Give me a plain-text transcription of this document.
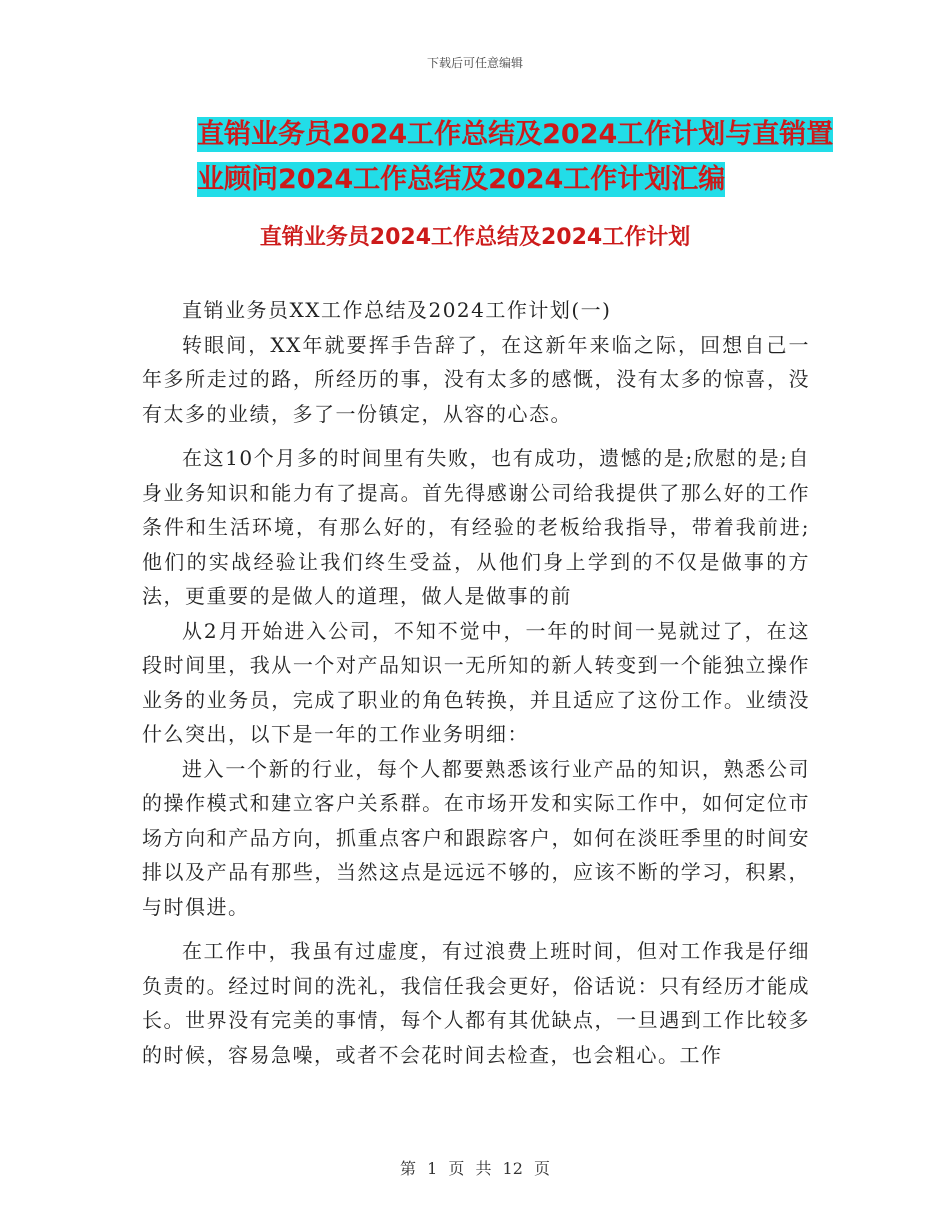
下载后可任意编辑
直销业务员2024工作总结及2024工作计划与直销置
业顾问2024工作总结及2024工作计划汇编
直销业务员2024工作总结及2024工作计划

直销业务员XX工作总结及2024工作计划(一)

转眼间，XX年就要挥手告辞了，在这新年来临之际，回想自己一年多所走过的路，所经历的事，没有太多的感慨，没有太多的惊喜，没有太多的业绩，多了一份镇定，从容的心态。

在这10个月多的时间里有失败，也有成功，遗憾的是;欣慰的是;自身业务知识和能力有了提高。首先得感谢公司给我提供了那么好的工作条件和生活环境，有那么好的，有经验的老板给我指导，带着我前进;他们的实战经验让我们终生受益，从他们身上学到的不仅是做事的方法，更重要的是做人的道理，做人是做事的前

从2月开始进入公司，不知不觉中，一年的时间一晃就过了，在这段时间里，我从一个对产品知识一无所知的新人转变到一个能独立操作业务的业务员，完成了职业的角色转换，并且适应了这份工作。业绩没什么突出，以下是一年的工作业务明细：

进入一个新的行业，每个人都要熟悉该行业产品的知识，熟悉公司的操作模式和建立客户关系群。在市场开发和实际工作中，如何定位市场方向和产品方向，抓重点客户和跟踪客户，如何在淡旺季里的时间安排以及产品有那些，当然这点是远远不够的，应该不断的学习，积累，与时俱进。

在工作中，我虽有过虚度，有过浪费上班时间，但对工作我是仔细负责的。经过时间的洗礼，我信任我会更好，俗话说：只有经历才能成长。世界没有完美的事情，每个人都有其优缺点，一旦遇到工作比较多的时候，容易急噪，或者不会花时间去检查，也会粗心。工作

第 1 页 共 12 页
